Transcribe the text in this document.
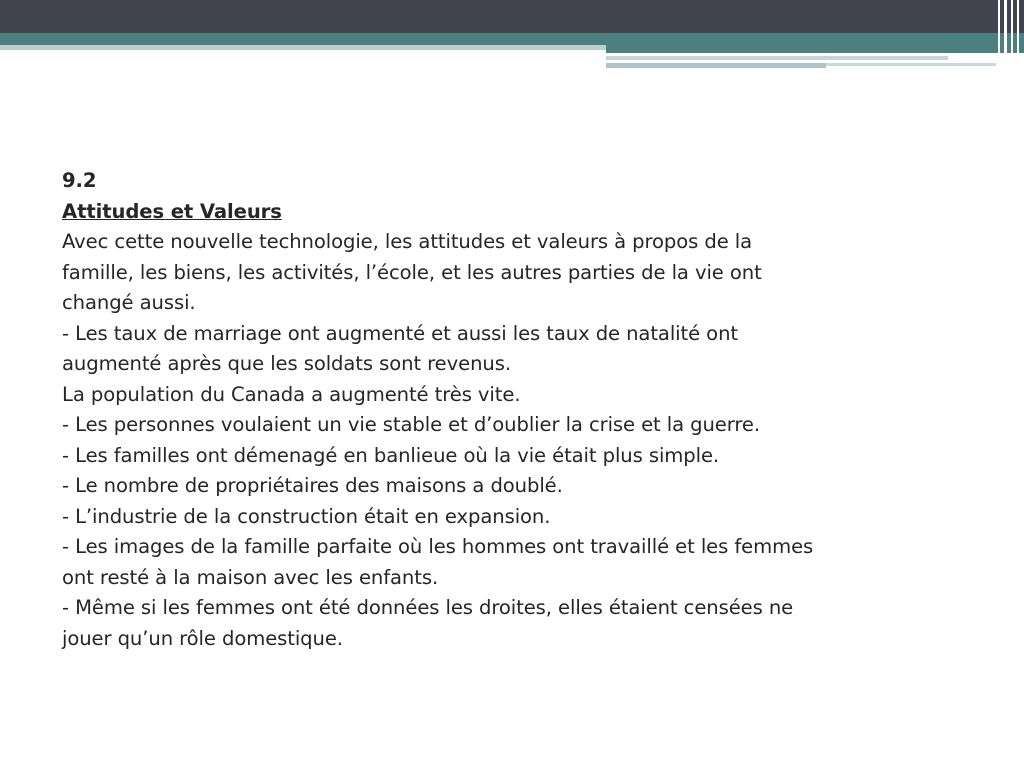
9.2
Attitudes et Valeurs
Avec cette nouvelle technologie, les attitudes et valeurs à propos de la
famille, les biens, les activités, l’école, et les autres parties de la vie ont
changé aussi.
- Les taux de marriage ont augmenté et aussi les taux de natalité ont
augmenté après que les soldats sont revenus.
La population du Canada a augmenté très vite.
- Les personnes voulaient un vie stable et d’oublier la crise et la guerre.
- Les familles ont démenagé en banlieue où la vie était plus simple.
- Le nombre de propriétaires des maisons a doublé.
- L’industrie de la construction était en expansion.
- Les images de la famille parfaite où les hommes ont travaillé et les femmes
ont resté à la maison avec les enfants.
- Même si les femmes ont été données les droites, elles étaient censées ne
jouer qu’un rôle domestique.
